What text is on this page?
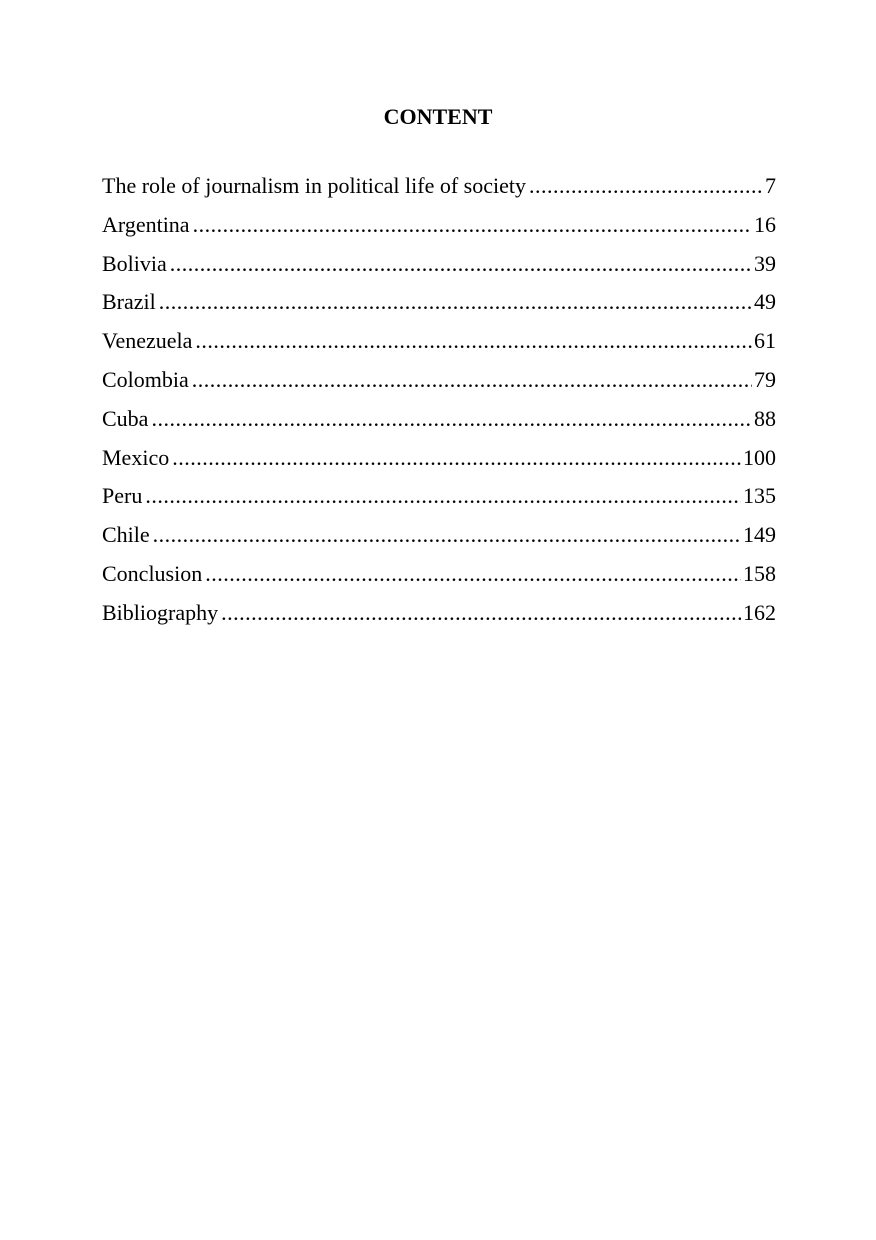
CONTENT
The role of journalism in political life of society .....	7
Argentina .....	16
Bolivia .....	39
Brazil .....	49
Venezuela .....	61
Colombia .....	79
Cuba .....	88
Mexico .....	100
Peru .....	135
Chile .....	149
Conclusion .....	158
Bibliography .....	162
